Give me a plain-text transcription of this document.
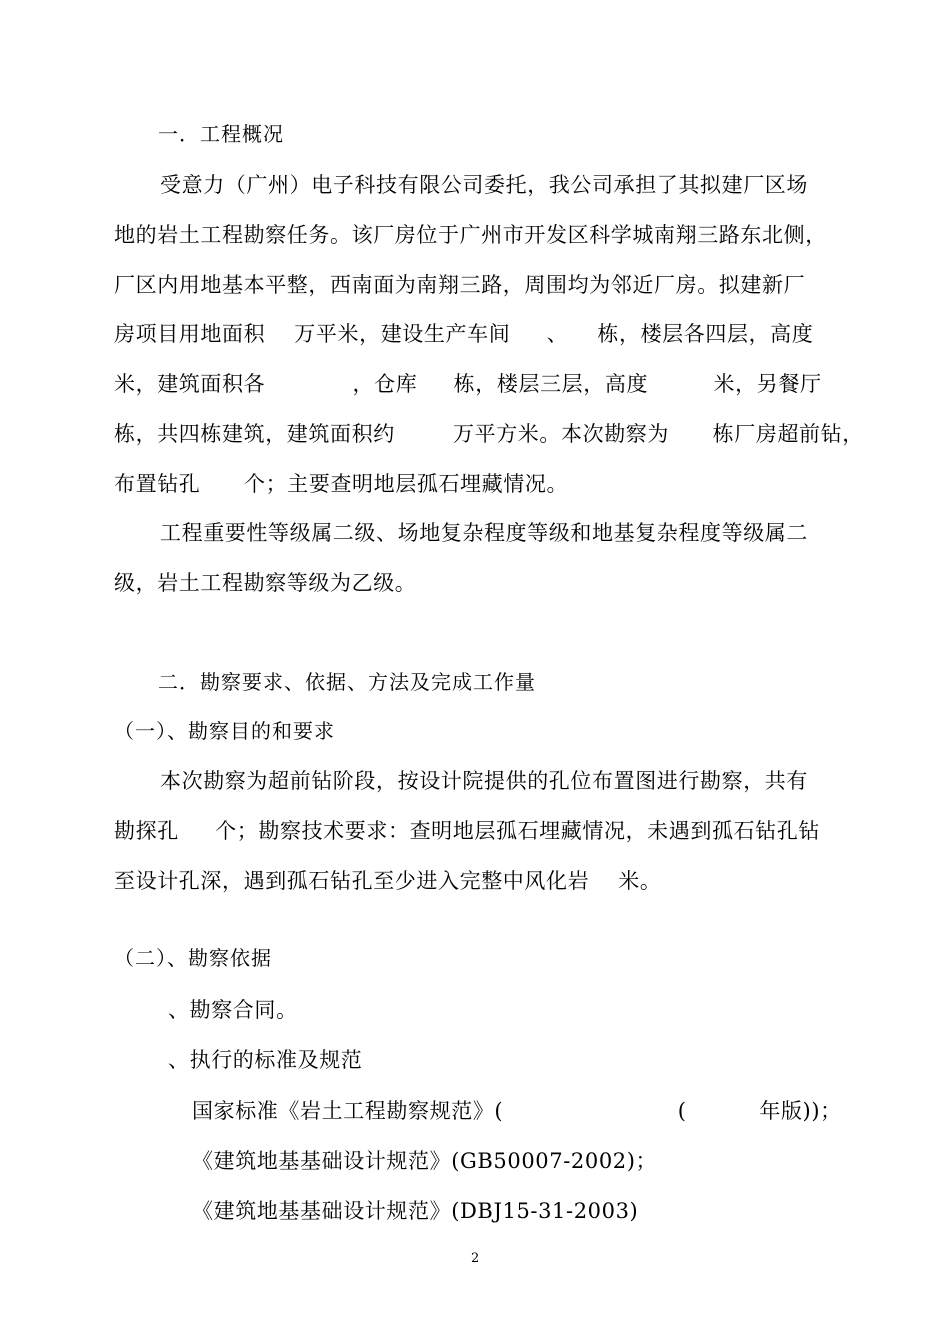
一．工程概况
受意力（广州）电子科技有限公司委托，我公司承担了其拟建厂区场
地的岩土工程勘察任务。该厂房位于广州市开发区科学城南翔三路东北侧，
厂区内用地基本平整，西南面为南翔三路，周围均为邻近厂房。拟建新厂
房项目用地面积    万平米，建设生产车间     、    栋，楼层各四层，高度
米，建筑面积各            ，仓库     栋，楼层三层，高度         米，另餐厅
栋，共四栋建筑，建筑面积约        万平方米。本次勘察为      栋厂房超前钻，
布置钻孔      个；主要查明地层孤石埋藏情况。
工程重要性等级属二级、场地复杂程度等级和地基复杂程度等级属二
级，岩土工程勘察等级为乙级。
二．勘察要求、依据、方法及完成工作量
（一）、勘察目的和要求
本次勘察为超前钻阶段，按设计院提供的孔位布置图进行勘察，共有
勘探孔     个；勘察技术要求：查明地层孤石埋藏情况，未遇到孤石钻孔钻
至设计孔深，遇到孤石钻孔至少进入完整中风化岩    米。
（二）、勘察依据
、勘察合同。
、执行的标准及规范
国家标准《岩土工程勘察规范》(                        (          年版))；
《建筑地基基础设计规范》(GB50007-2002)；
《建筑地基基础设计规范》(DBJ15-31-2003)
2
